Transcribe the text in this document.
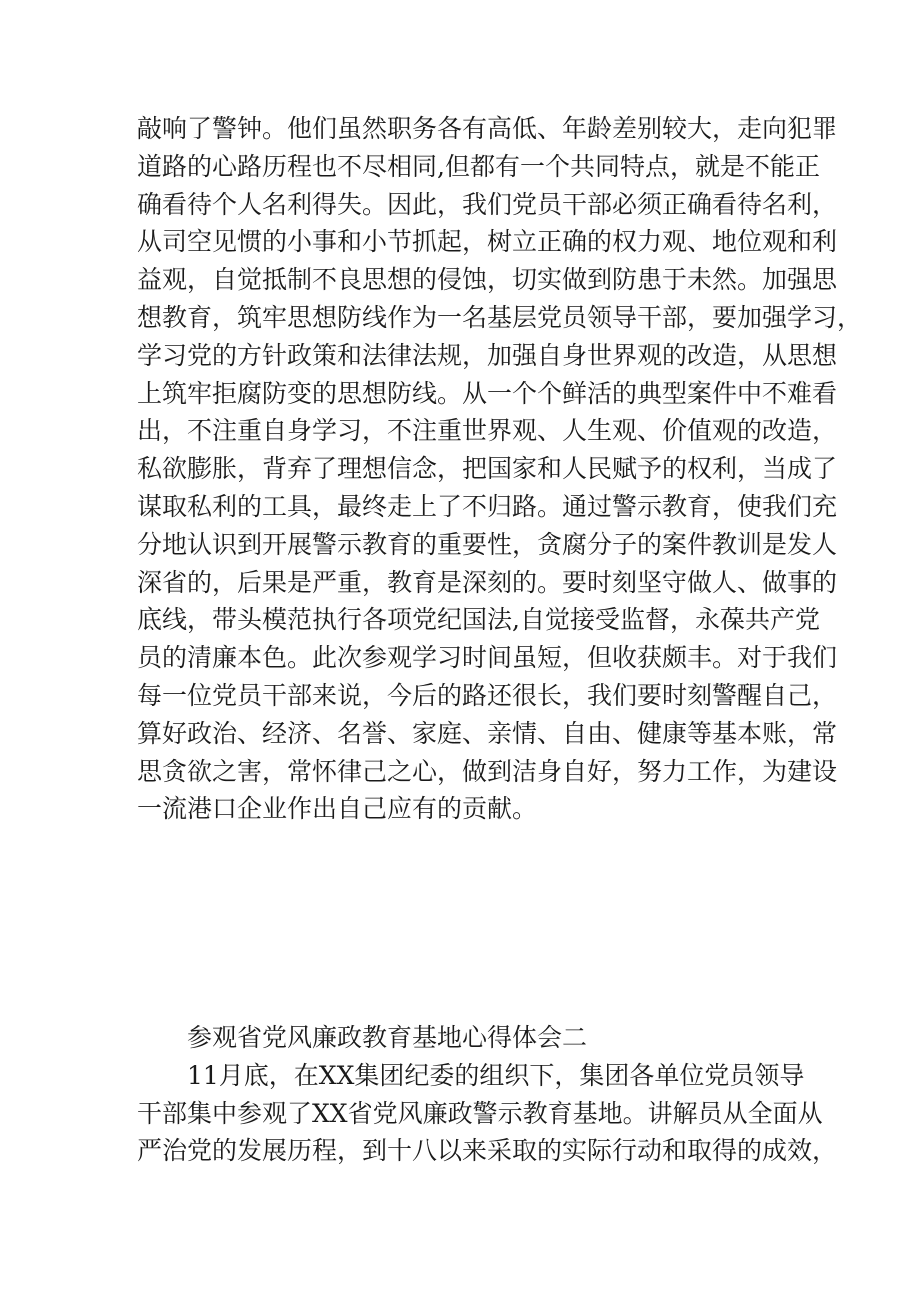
敲响了警钟。他们虽然职务各有高低、年龄差别较大，走向犯罪
道路的心路历程也不尽相同,但都有一个共同特点，就是不能正
确看待个人名利得失。因此，我们党员干部必须正确看待名利，
从司空见惯的小事和小节抓起，树立正确的权力观、地位观和利
益观，自觉抵制不良思想的侵蚀，切实做到防患于未然。加强思
想教育，筑牢思想防线作为一名基层党员领导干部，要加强学习，
学习党的方针政策和法律法规，加强自身世界观的改造，从思想
上筑牢拒腐防变的思想防线。从一个个鲜活的典型案件中不难看
出，不注重自身学习，不注重世界观、人生观、价值观的改造，
私欲膨胀，背弃了理想信念，把国家和人民赋予的权利，当成了
谋取私利的工具，最终走上了不归路。通过警示教育，使我们充
分地认识到开展警示教育的重要性，贪腐分子的案件教训是发人
深省的，后果是严重，教育是深刻的。要时刻坚守做人、做事的
底线，带头模范执行各项党纪国法,自觉接受监督，永葆共产党
员的清廉本色。此次参观学习时间虽短，但收获颇丰。对于我们
每一位党员干部来说，今后的路还很长，我们要时刻警醒自己，
算好政治、经济、名誉、家庭、亲情、自由、健康等基本账，常
思贪欲之害，常怀律己之心，做到洁身自好，努力工作，为建设
一流港口企业作出自己应有的贡献。
参观省党风廉政教育基地心得体会二
11月底，在XX集团纪委的组织下，集团各单位党员领导
干部集中参观了XX省党风廉政警示教育基地。讲解员从全面从
严治党的发展历程，到十八以来采取的实际行动和取得的成效，
